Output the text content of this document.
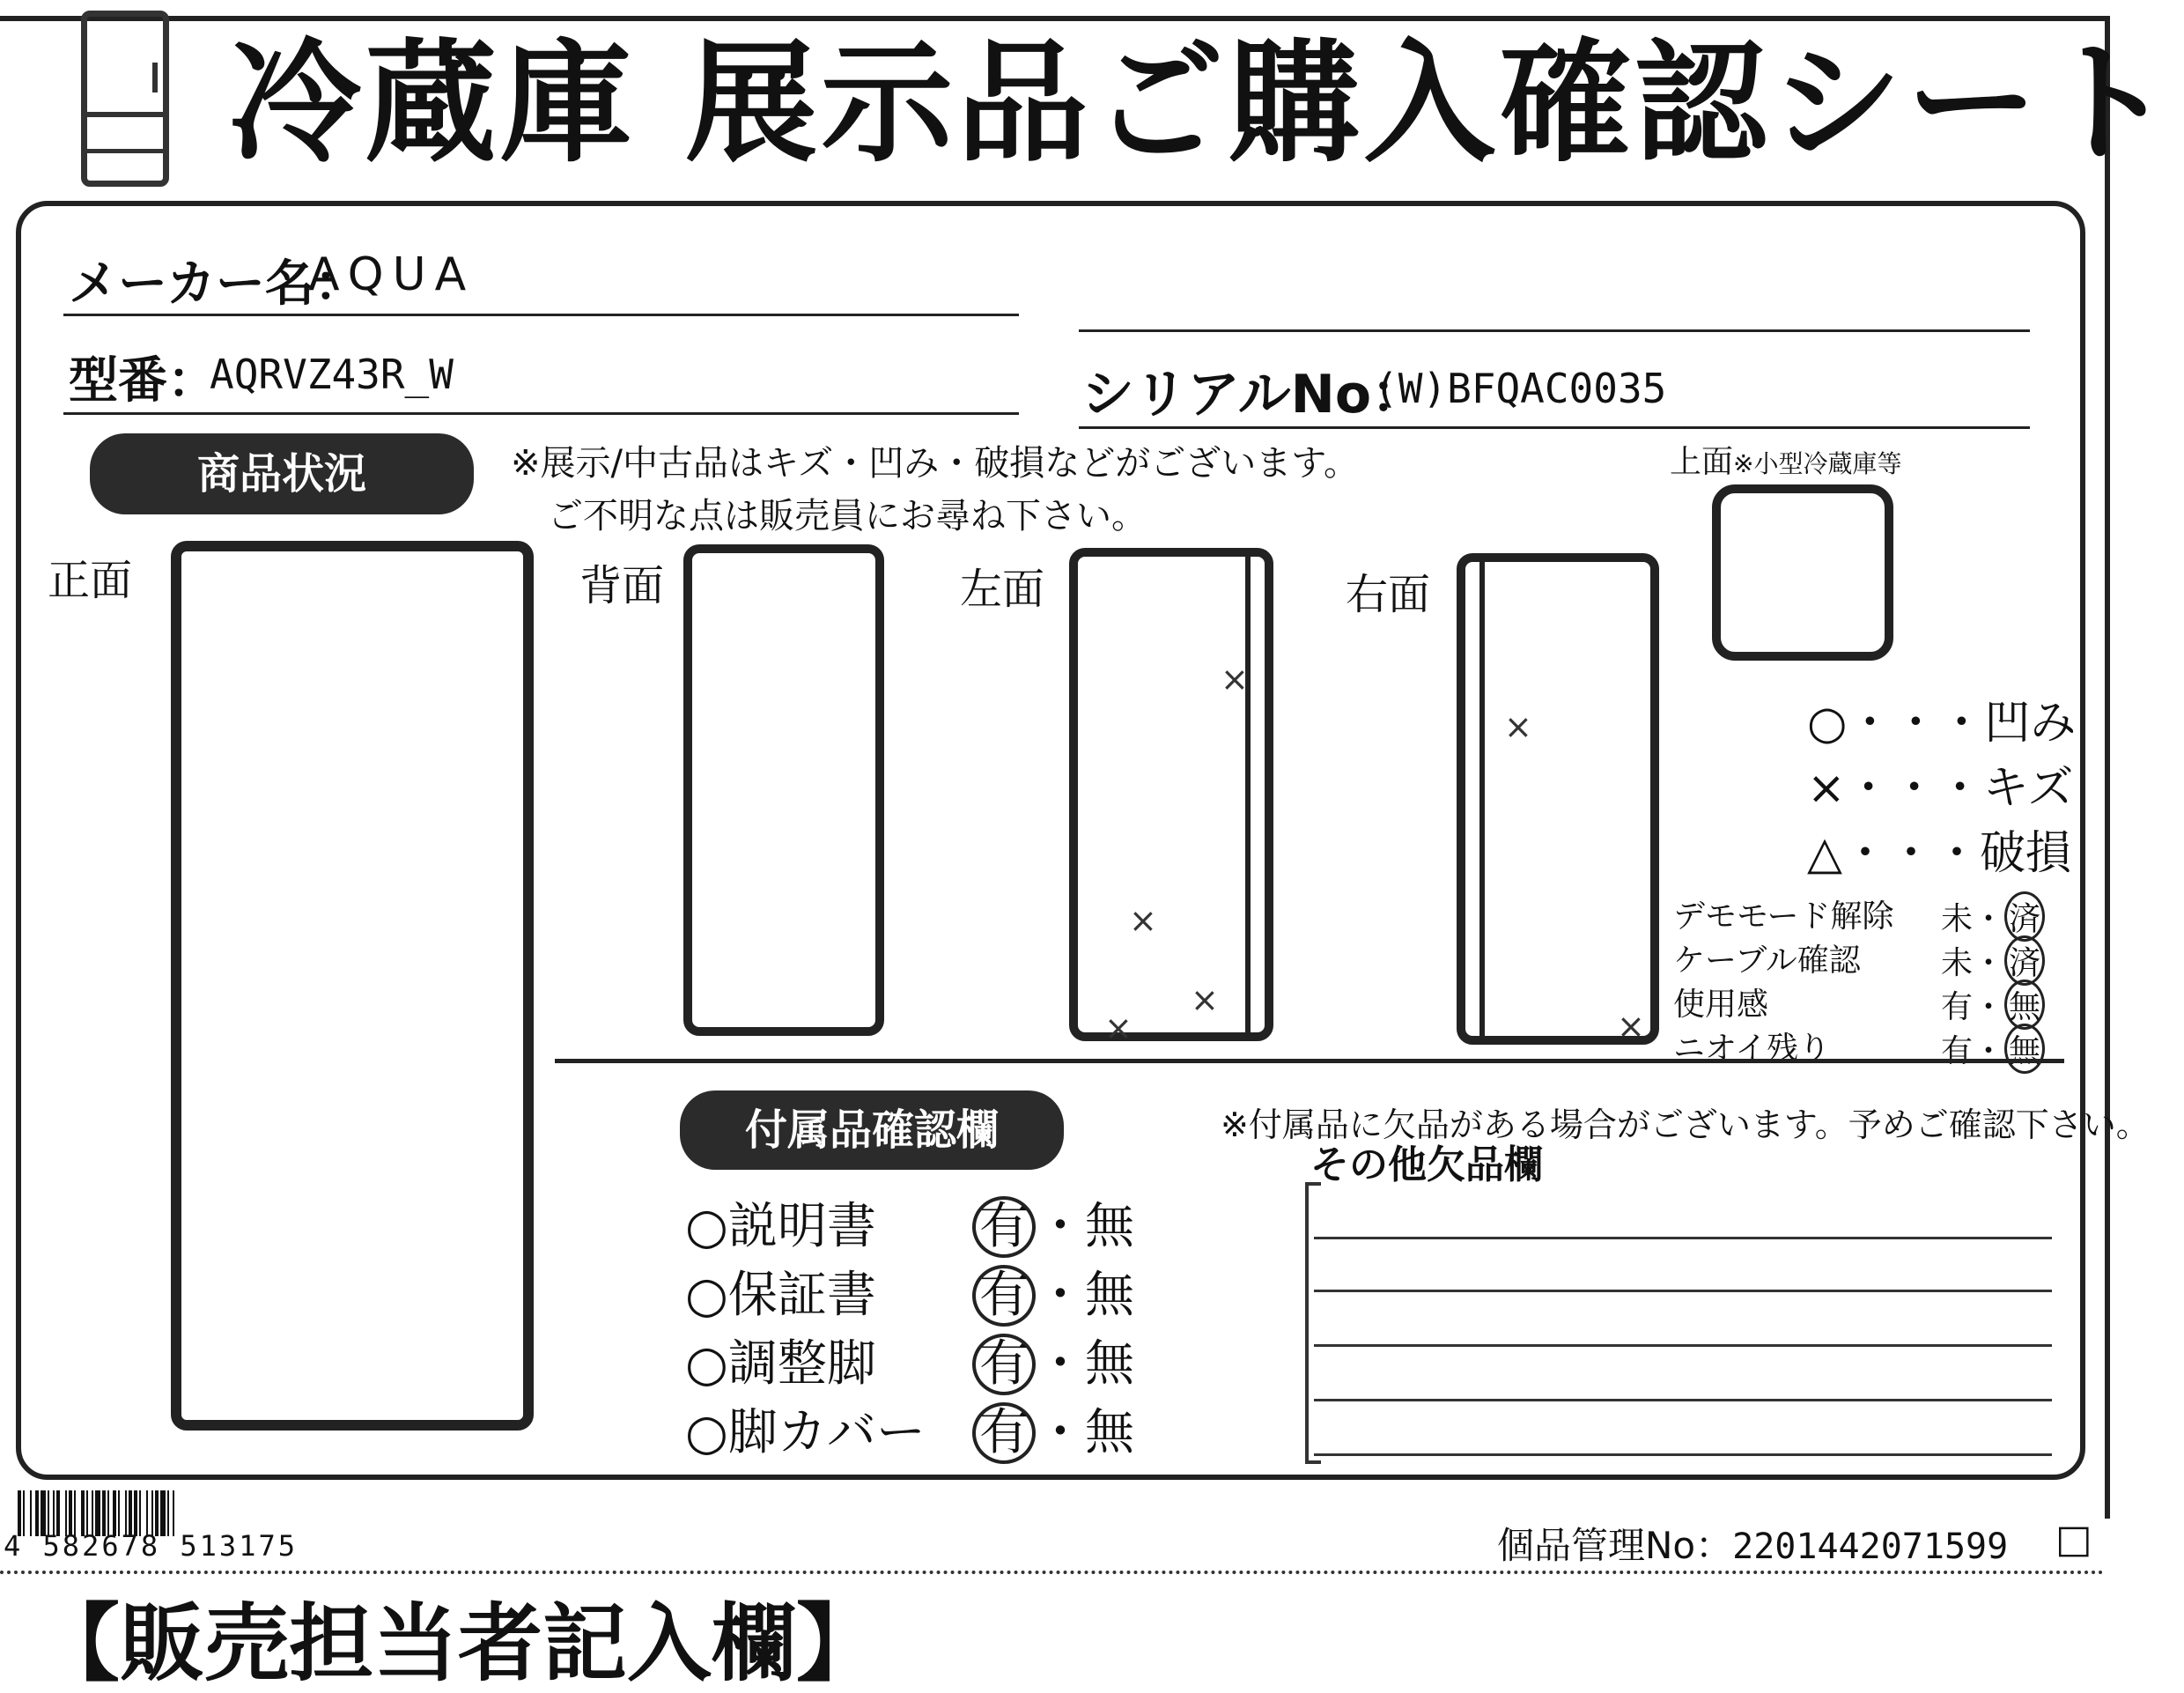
冷蔵庫 展示品ご購入確認シート
メーカー名：
AQUA
型番：
AQRVZ43R_W	シリアルNo：
(W)BFQAC0035
商品状況	※展示/中古品はキズ・凹み・破損などがございます。
ご不明な点は販売員にお尋ね下さい。
正面	背面	左面
×
×
×
×
右面
×
×
上面※小型冷蔵庫等
○・・・凹み
×・・・キズ
△・・・破損
デモモード解除 未・ 済
ケーブル確認	未・ 済
使用感	有・ 無
ニオイ残り	有・ 無
付属品確認欄	※付属品に欠品がある場合がございます。予めご確認下さい。
○説明書 有 ・無
○保証書 有 ・無
○調整脚 有 ・無
○脚カバー 有 ・無
その他欠品欄
4 582678 513175	個品管理No：2201442071599 □
【販売担当者記入欄】
